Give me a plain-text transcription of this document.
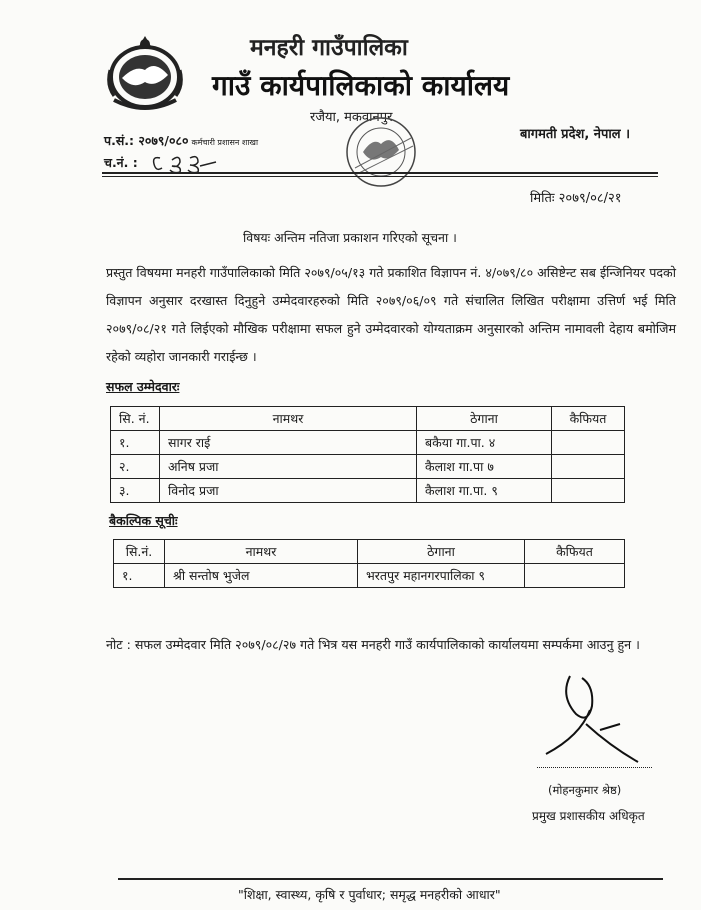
मनहरी गाउँपालिका
गाउँ कार्यपालिकाको कार्यालय
रजैया, मकवानपुर
प.सं.: २०७९/०८० कर्मचारी प्रशासन शाखा
च.नं. :
बागमती प्रदेश, नेपाल ।
मितिः २०७९/०८/२१
विषयः अन्तिम नतिजा प्रकाशन गरिएको सूचना ।
प्रस्तुत विषयमा मनहरी गाउँपालिकाको मिति २०७९/०५/१३ गते प्रकाशित विज्ञापन नं. ४/०७९/८० असिष्टेन्ट सब ईन्जिनियर पदको विज्ञापन अनुसार दरखास्त दिनुहुने उम्मेदवारहरुको मिति २०७९/०६/०९ गते संचालित लिखित परीक्षामा उत्तिर्ण भई मिति २०७९/०८/२१ गते लिईएको मौखिक परीक्षामा सफल हुने उम्मेदवारको योग्यताक्रम अनुसारको अन्तिम नामावली देहाय बमोजिम रहेको व्यहोरा जानकारी गराईन्छ ।
सफल उम्मेदवारः
सि. नं.	नामथर	ठेगाना	कैफियत
१.	सागर राई	बकैया गा.पा. ४	
२.	अनिष प्रजा	कैलाश गा.पा ७	
३.	विनोद प्रजा	कैलाश गा.पा. ९	
बैकल्पिक सूचीः
सि.नं.	नामथर	ठेगाना	कैफियत
१.	श्री सन्तोष भुजेल	भरतपुर महानगरपालिका ९	
नोट : सफल उम्मेदवार मिति २०७९/०८/२७ गते भित्र यस मनहरी गाउँ कार्यपालिकाको कार्यालयमा सम्पर्कमा आउनु हुन ।
(मोहनकुमार श्रेष्ठ)
प्रमुख प्रशासकीय अधिकृत
"शिक्षा, स्वास्थ्य, कृषि र पुर्वाधार; समृद्ध मनहरीको आधार"
